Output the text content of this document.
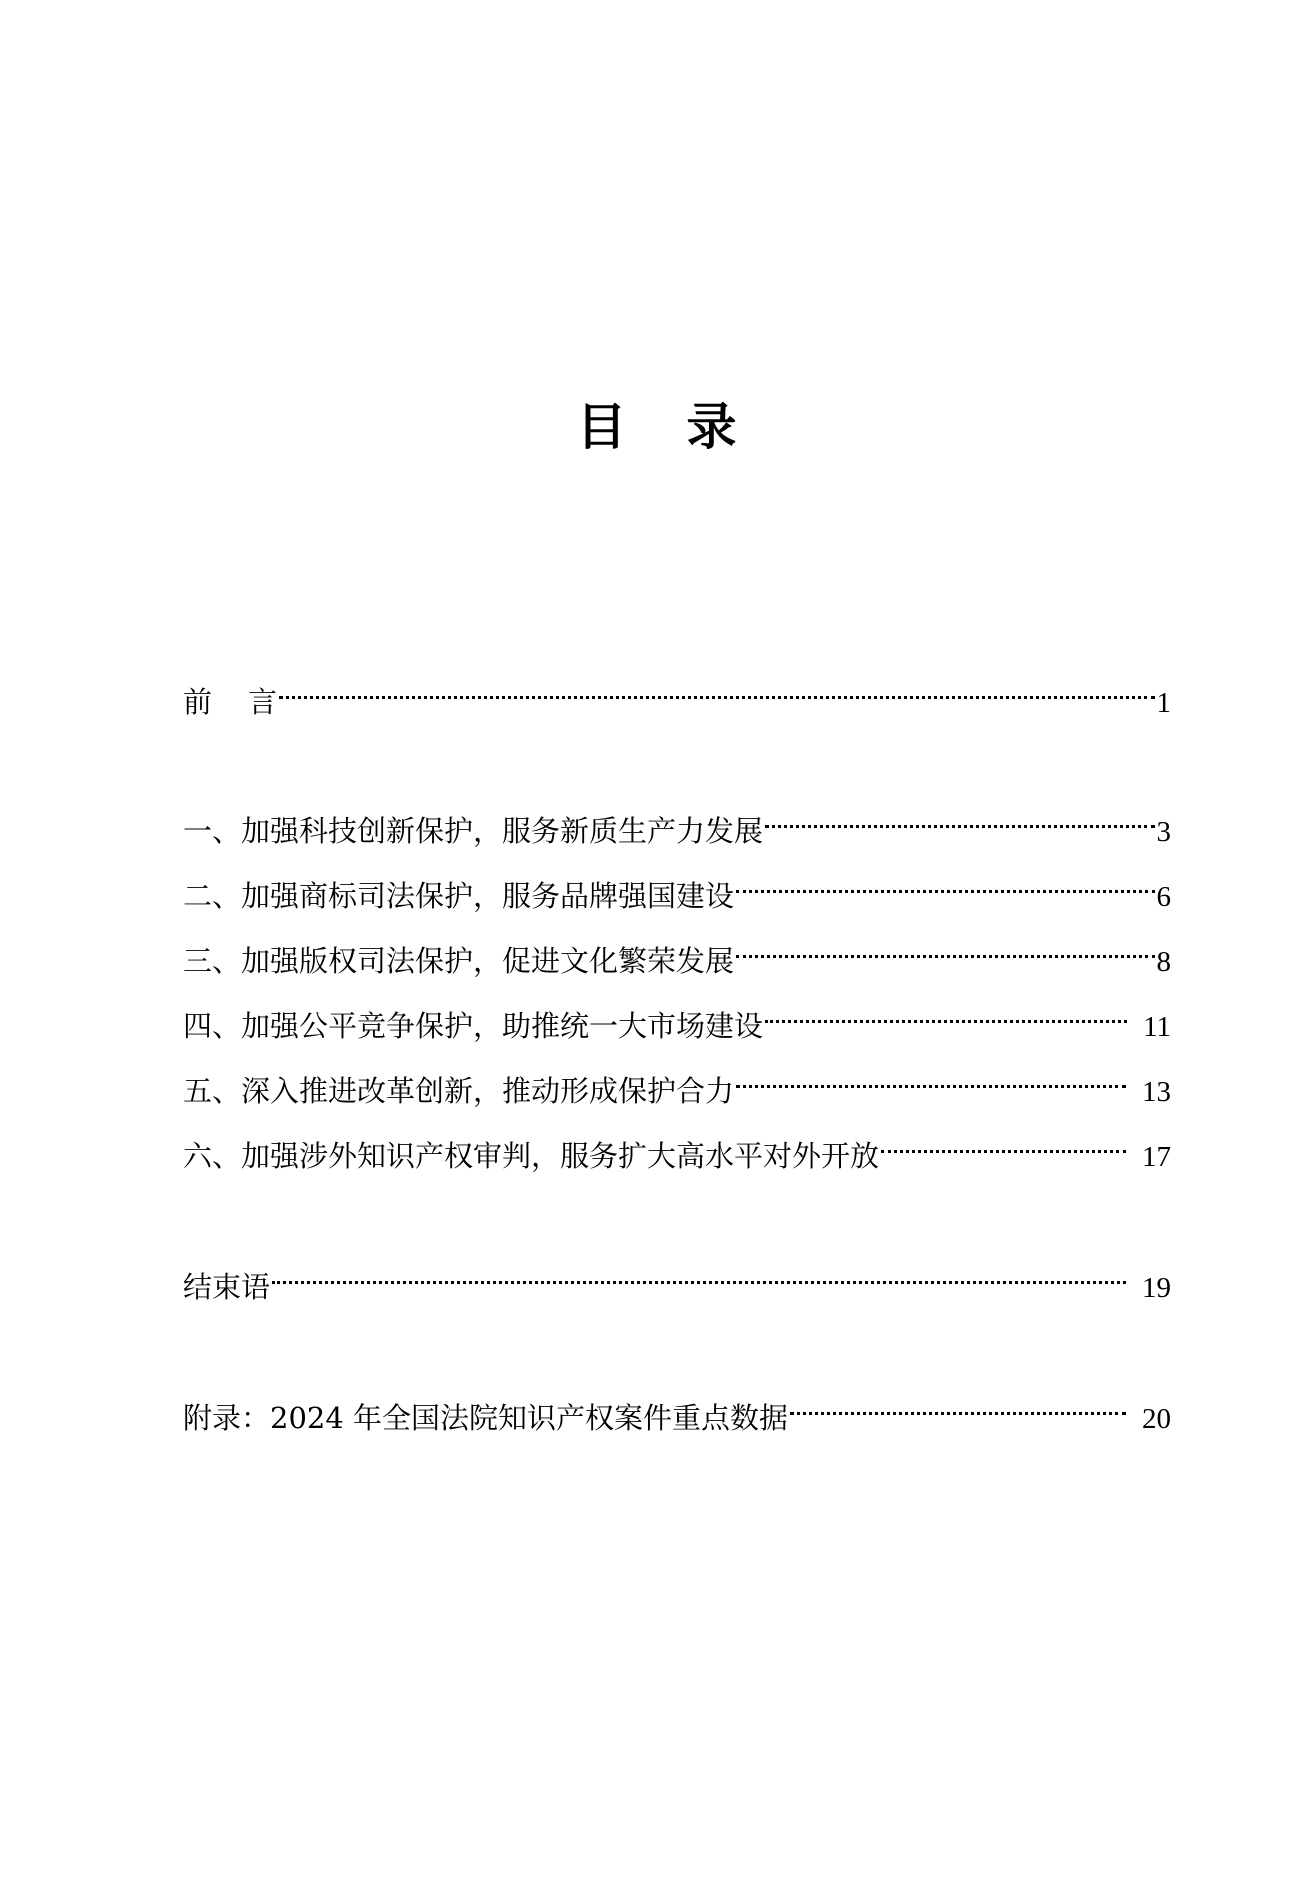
目 录
前 言	1
一、加强科技创新保护，服务新质生产力发展	3
二、加强商标司法保护，服务品牌强国建设	6
三、加强版权司法保护，促进文化繁荣发展	8
四、加强公平竞争保护，助推统一大市场建设	11
五、深入推进改革创新，推动形成保护合力	13
六、加强涉外知识产权审判，服务扩大高水平对外开放	17
结束语	19
附录：2024 年全国法院知识产权案件重点数据	20
